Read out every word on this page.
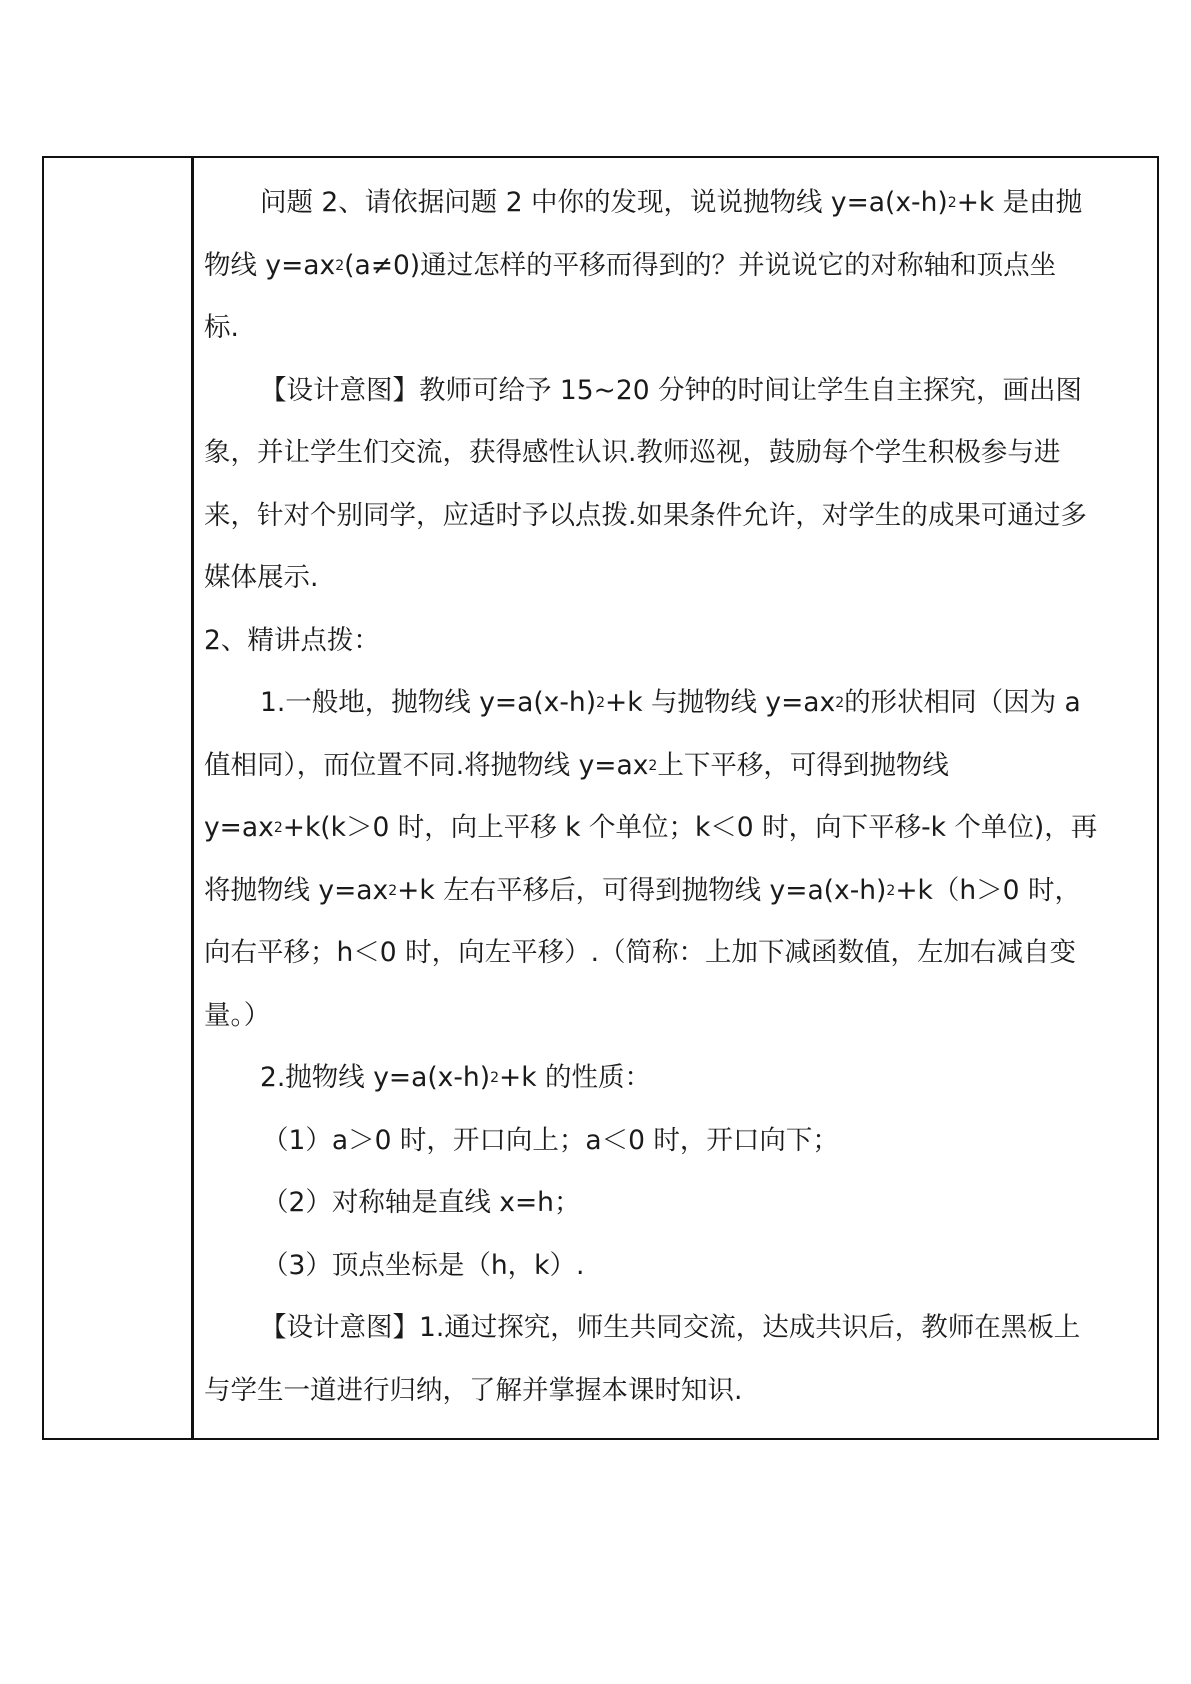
问题 2、请依据问题 2 中你的发现，说说抛物线 $y=a(x-h)^2+k$ 是由抛
物线 $y=ax^2(a\ne 0)$通过怎样的平移而得到的？并说说它的对称轴和顶点坐
标.
【设计意图】教师可给予 15~20 分钟的时间让学生自主探究，画出图
象，并让学生们交流，获得感性认识.教师巡视，鼓励每个学生积极参与进
来，针对个别同学，应适时予以点拨.如果条件允许，对学生的成果可通过多
媒体展示.
2、精讲点拨：
1.一般地，抛物线 $y=a(x-h)^2+k$ 与抛物线 $y=ax^2$的形状相同（因为 a
值相同），而位置不同.将抛物线 $y=ax^2$上下平移，可得到抛物线
$y=ax^2+k(k>0$ 时，向上平移 k 个单位；k＜0 时，向下平移-k 个单位)，再
将抛物线 $y=ax^2+k$ 左右平移后，可得到抛物线 $y=a(x-h)^2+k(h>0$ 时，
向右平移；h＜0 时，向左平移）.（简称：上加下减函数值，左加右减自变
量。）
2.抛物线 $y=a(x-h)^2+k$ 的性质：
（1）a＞0 时，开口向上；a＜0 时，开口向下；
（2）对称轴是直线 x=h；
（3）顶点坐标是（h，k）.
【设计意图】1.通过探究，师生共同交流，达成共识后，教师在黑板上
与学生一道进行归纳，了解并掌握本课时知识.
